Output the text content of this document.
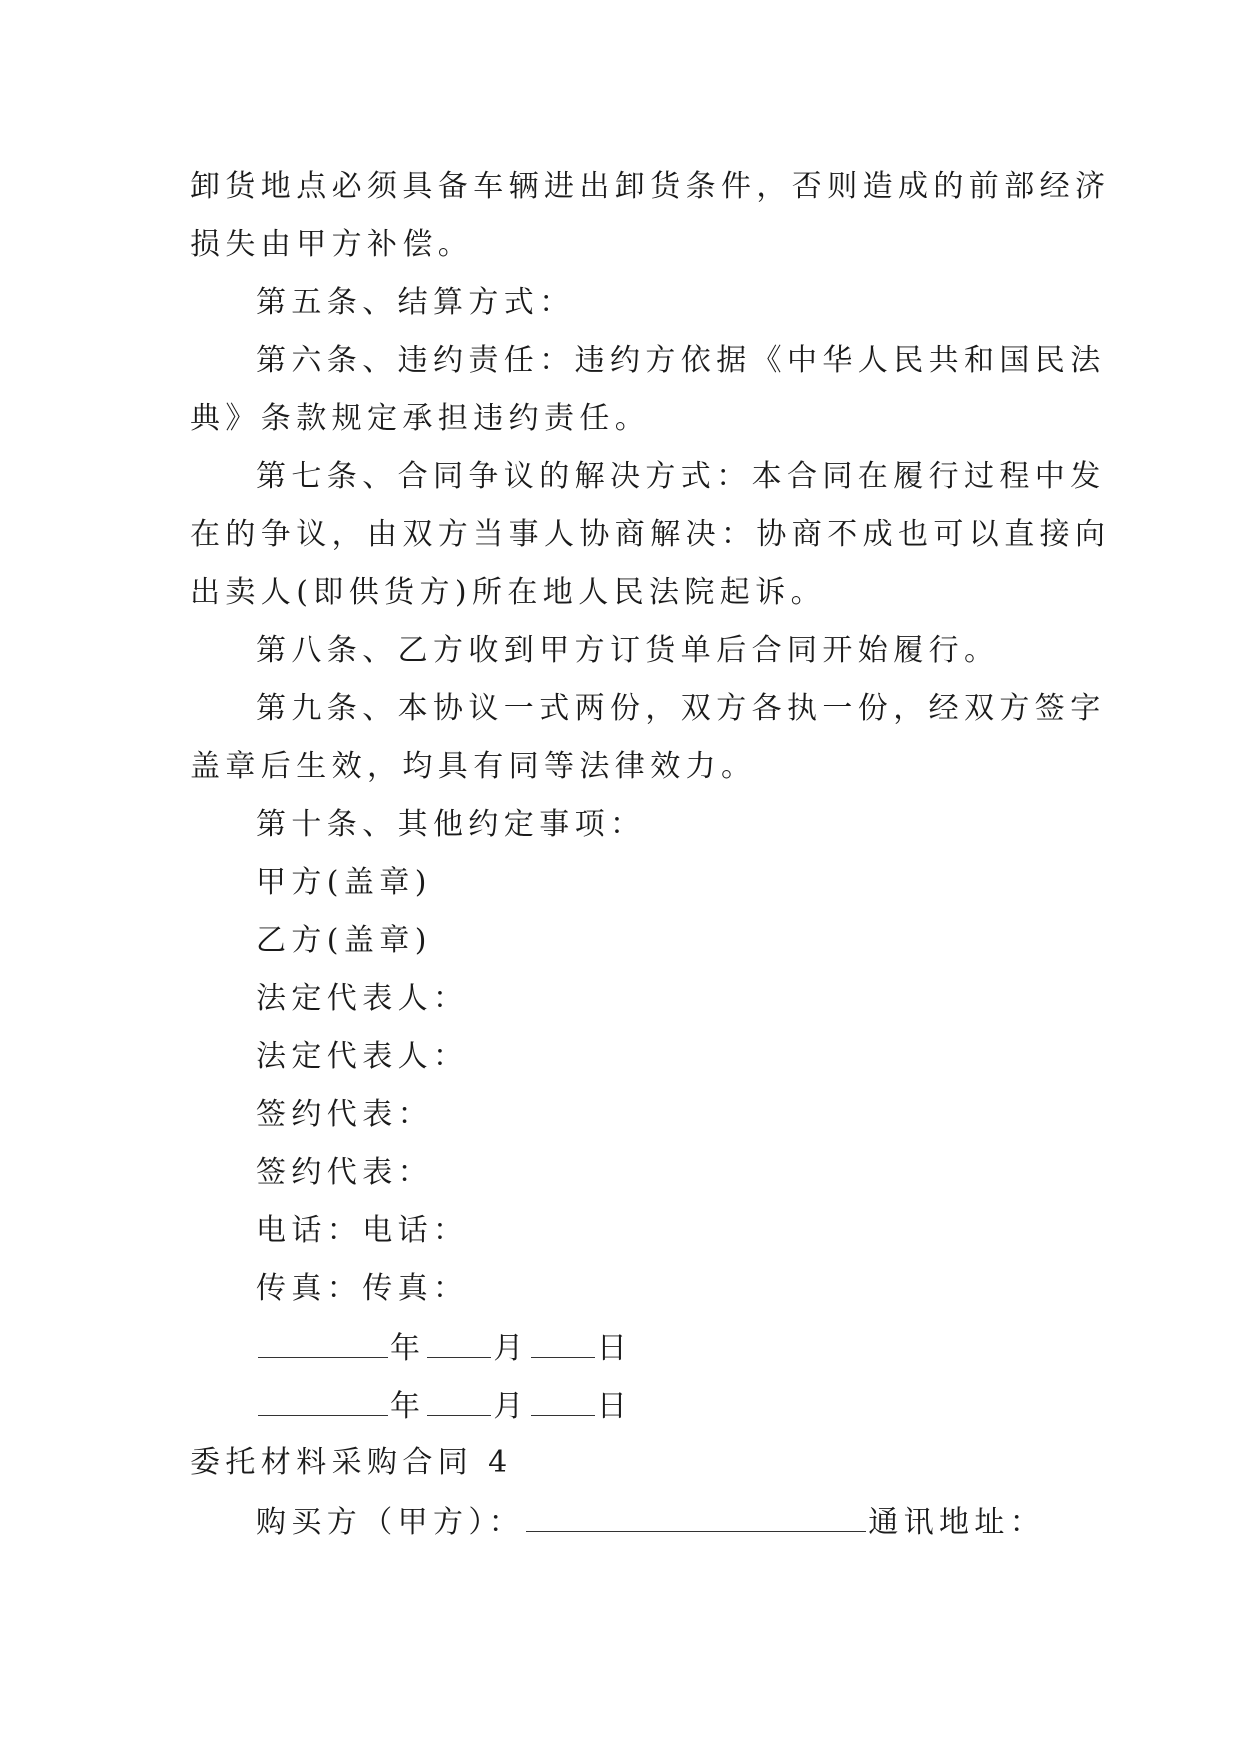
卸货地点必须具备车辆进出卸货条件，否则造成的前部经济
损失由甲方补偿。
第五条、结算方式：
第六条、违约责任：违约方依据《中华人民共和国民法
典》条款规定承担违约责任。
第七条、合同争议的解决方式：本合同在履行过程中发
在的争议，由双方当事人协商解决：协商不成也可以直接向
出卖人(即供货方)所在地人民法院起诉。
第八条、乙方收到甲方订货单后合同开始履行。
第九条、本协议一式两份，双方各执一份，经双方签字
盖章后生效，均具有同等法律效力。
第十条、其他约定事项：
甲方(盖章)
乙方(盖章)
法定代表人：
法定代表人：
签约代表：
签约代表：
电话：电话：
传真：传真：
年 月 日
年 月 日
委托材料采购合同 4
购买方（甲方）：	通讯地址：
